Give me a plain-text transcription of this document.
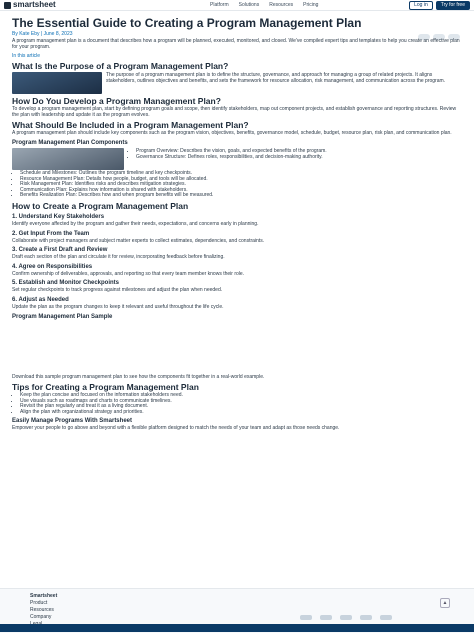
smartsheet	Platform Solutions Resources Pricing	Log in	Try for free
The Essential Guide to Creating a Program Management Plan
By Kate Eby | June 8, 2023

A program management plan is a document that describes how a program will be planned, executed, monitored, and closed. We've compiled expert tips and templates to help you create an effective plan for your program.

In this article
What Is the Purpose of a Program Management Plan?

The purpose of a program management plan is to define the structure, governance, and approach for managing a group of related projects. It aligns stakeholders, outlines objectives and benefits, and sets the framework for resource allocation, risk management, and communication across the program.

How Do You Develop a Program Management Plan?

To develop a program management plan, start by defining program goals and scope, then identify stakeholders, map out component projects, and establish governance and reporting structures. Review the plan with leadership and update it as the program evolves.

What Should Be Included in a Program Management Plan?

A program management plan should include key components such as the program vision, objectives, benefits, governance model, schedule, budget, resource plan, risk plan, and communication plan.

Program Management Plan Components
• Program Overview: Describes the vision, goals, and expected benefits of the program.
• Governance Structure: Defines roles, responsibilities, and decision-making authority.
• Schedule and Milestones: Outlines the program timeline and key checkpoints.
• Resource Management Plan: Details how people, budget, and tools will be allocated.
• Risk Management Plan: Identifies risks and describes mitigation strategies.
• Communication Plan: Explains how information is shared with stakeholders.
• Benefits Realization Plan: Describes how and when program benefits will be measured.
How to Create a Program Management Plan
1. Understand Key Stakeholders

Identify everyone affected by the program and gather their needs, expectations, and concerns early in planning.

2. Get Input From the Team

Collaborate with project managers and subject matter experts to collect estimates, dependencies, and constraints.

3. Create a First Draft and Review

Draft each section of the plan and circulate it for review, incorporating feedback before finalizing.

4. Agree on Responsibilities

Confirm ownership of deliverables, approvals, and reporting so that every team member knows their role.

5. Establish and Monitor Checkpoints

Set regular checkpoints to track progress against milestones and adjust the plan when needed.

6. Adjust as Needed

Update the plan as the program changes to keep it relevant and useful throughout the life cycle.

Program Management Plan Sample

Download this sample program management plan to see how the components fit together in a real-world example.

Tips for Creating a Program Management Plan
• Keep the plan concise and focused on the information stakeholders need.
• Use visuals such as roadmaps and charts to communicate timelines.
• Revisit the plan regularly and treat it as a living document.
• Align the plan with organizational strategy and priorities.
Easily Manage Programs With Smartsheet

Empower your people to go above and beyond with a flexible platform designed to match the needs of your team and adapt as those needs change.

Smartsheet
Product
Resources
Company
▲
English	© 2023 Smartsheet Inc.
